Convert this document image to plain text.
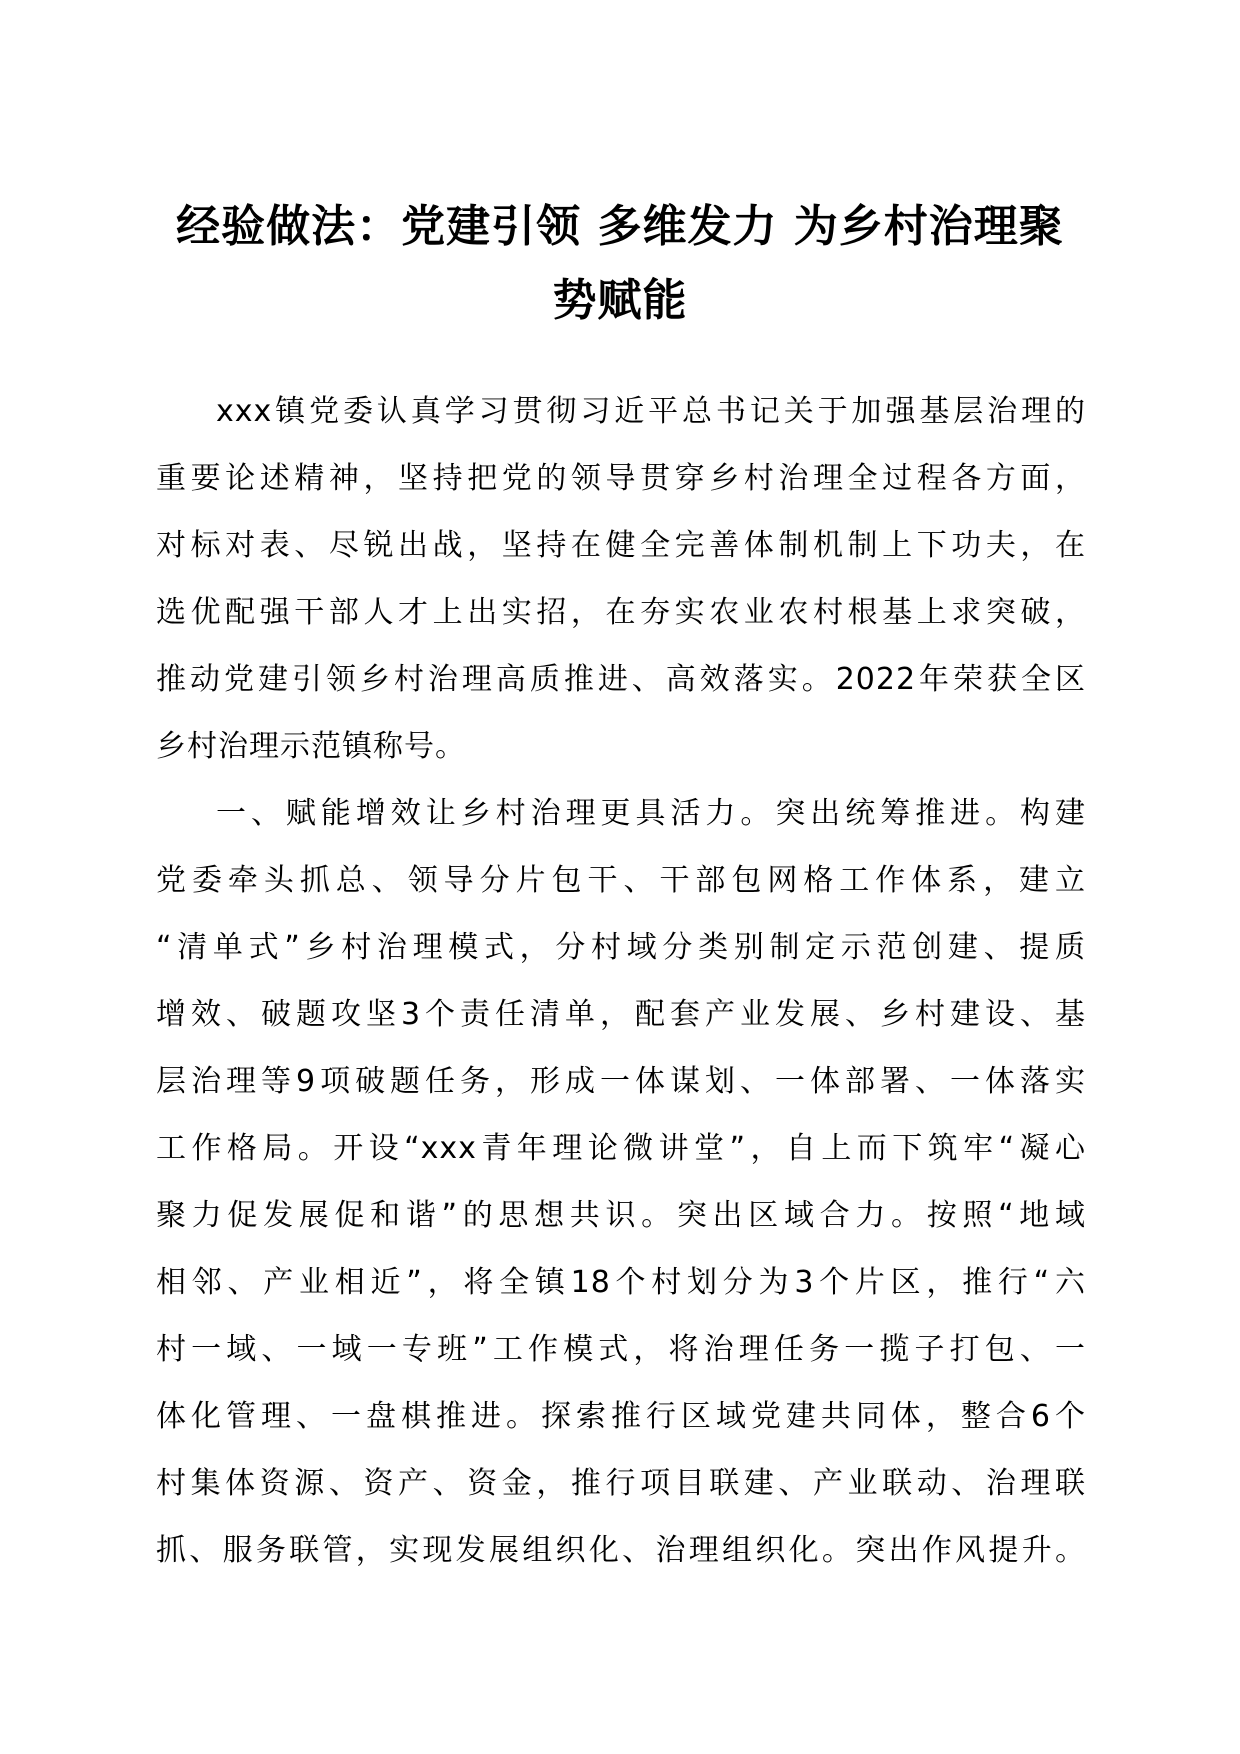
经验做法：党建引领 多维发力 为乡村治理聚
势赋能
xxx镇党委认真学习贯彻习近平总书记关于加强基层治理的
重要论述精神，坚持把党的领导贯穿乡村治理全过程各方面，
对标对表、尽锐出战，坚持在健全完善体制机制上下功夫，在
选优配强干部人才上出实招，在夯实农业农村根基上求突破，
推动党建引领乡村治理高质推进、高效落实。2022年荣获全区
乡村治理示范镇称号。
一、赋能增效让乡村治理更具活力。突出统筹推进。构建
党委牵头抓总、领导分片包干、干部包网格工作体系，建立
“清单式”乡村治理模式，分村域分类别制定示范创建、提质
增效、破题攻坚3个责任清单，配套产业发展、乡村建设、基
层治理等9项破题任务，形成一体谋划、一体部署、一体落实
工作格局。开设“xxx青年理论微讲堂”，自上而下筑牢“凝心
聚力促发展促和谐”的思想共识。突出区域合力。按照“地域
相邻、产业相近”，将全镇18个村划分为3个片区，推行“六
村一域、一域一专班”工作模式，将治理任务一揽子打包、一
体化管理、一盘棋推进。探索推行区域党建共同体，整合6个
村集体资源、资产、资金，推行项目联建、产业联动、治理联
抓、服务联管，实现发展组织化、治理组织化。突出作风提升。
